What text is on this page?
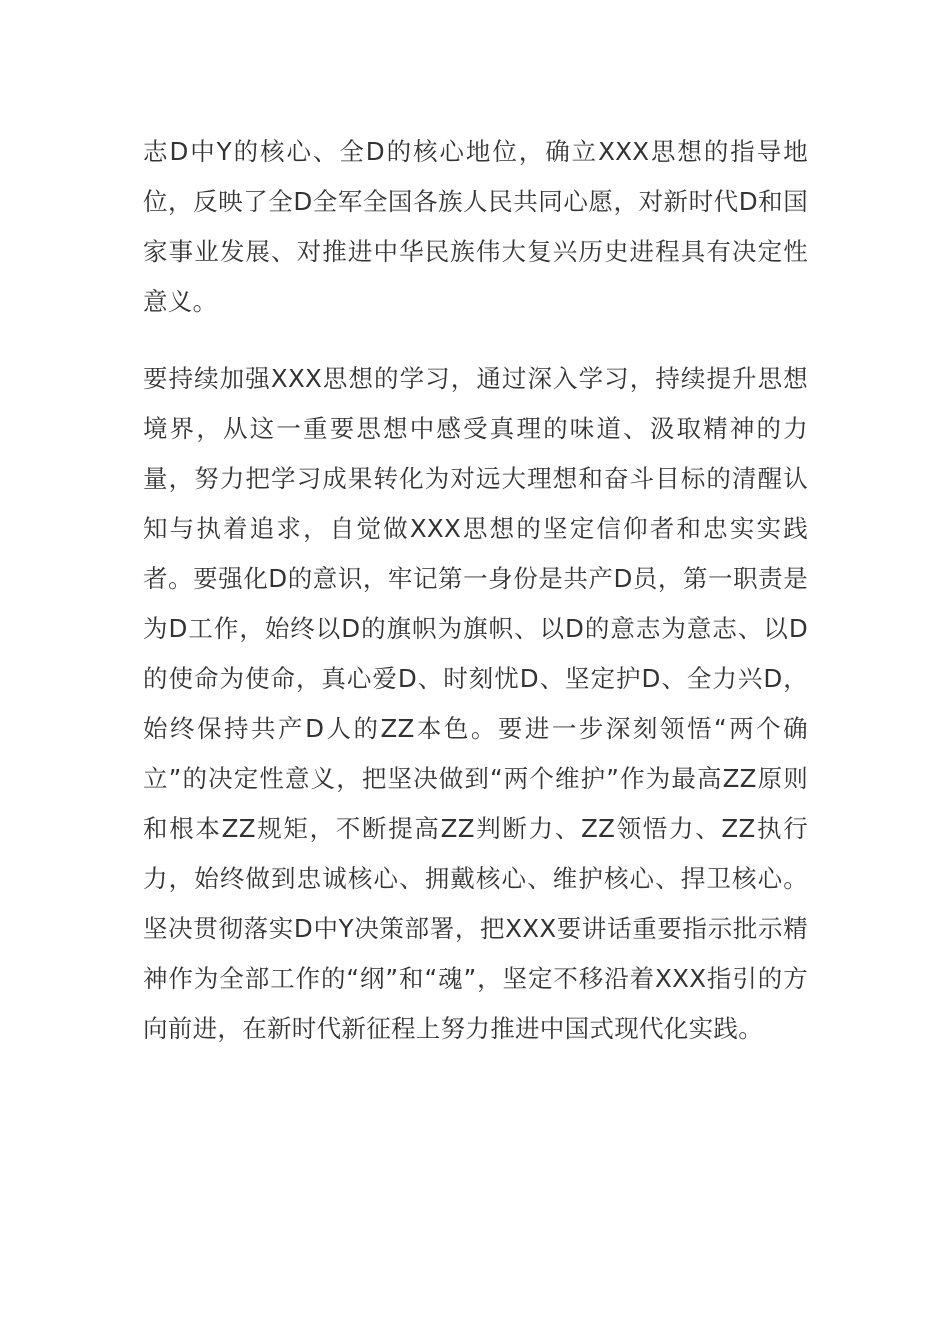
志D中Y的核心、全D的核心地位，确立XXX思想的指导地位，反映了全D全军全国各族人民共同心愿，对新时代D和国家事业发展、对推进中华民族伟大复兴历史进程具有决定性意义。

要持续加强XXX思想的学习，通过深入学习，持续提升思想境界，从这一重要思想中感受真理的味道、汲取精神的力量，努力把学习成果转化为对远大理想和奋斗目标的清醒认知与执着追求，自觉做XXX思想的坚定信仰者和忠实实践者。要强化D的意识，牢记第一身份是共产D员，第一职责是为D工作，始终以D的旗帜为旗帜、以D的意志为意志、以D的使命为使命，真心爱D、时刻忧D、坚定护D、全力兴D，始终保持共产D人的ZZ本色。要进一步深刻领悟“两个确立”的决定性意义，把坚决做到“两个维护”作为最高ZZ原则和根本ZZ规矩，不断提高ZZ判断力、ZZ领悟力、ZZ执行力，始终做到忠诚核心、拥戴核心、维护核心、捍卫核心。坚决贯彻落实D中Y决策部署，把XXX要讲话重要指示批示精神作为全部工作的“纲”和“魂”，坚定不移沿着XXX指引的方向前进，在新时代新征程上努力推进中国式现代化实践。
